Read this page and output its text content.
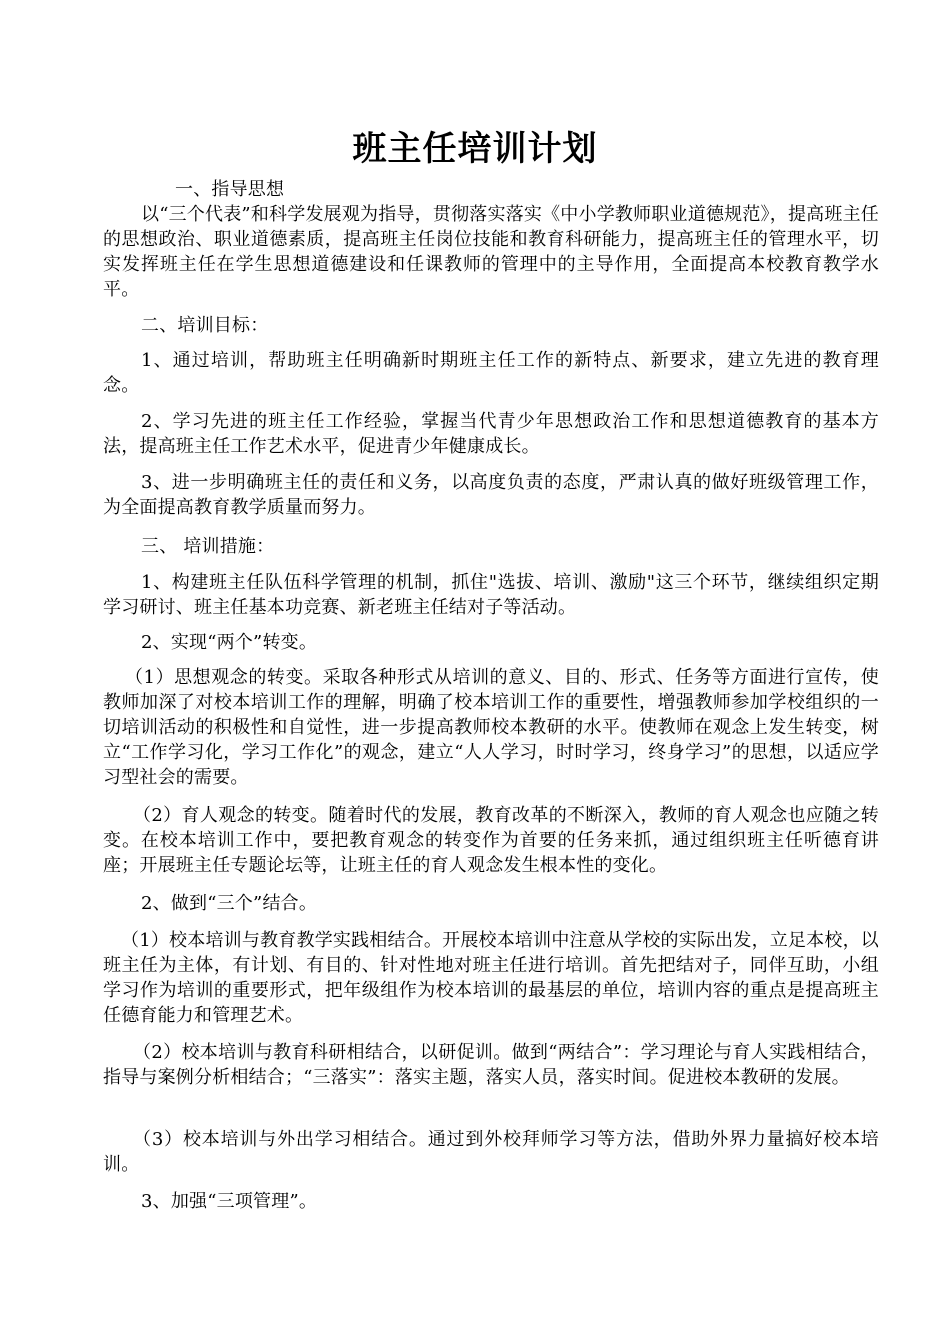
班主任培训计划

一、指导思想

以“三个代表”和科学发展观为指导，贯彻落实落实《中小学教师职业道德规范》，提高班主任的思想政治、职业道德素质，提高班主任岗位技能和教育科研能力，提高班主任的管理水平，切实发挥班主任在学生思想道德建设和任课教师的管理中的主导作用，全面提高本校教育教学水平。

二、培训目标：

1、通过培训，帮助班主任明确新时期班主任工作的新特点、新要求，建立先进的教育理念。

2、学习先进的班主任工作经验，掌握当代青少年思想政治工作和思想道德教育的基本方法，提高班主任工作艺术水平，促进青少年健康成长。

3、进一步明确班主任的责任和义务，以高度负责的态度，严肃认真的做好班级管理工作，为全面提高教育教学质量而努力。

三、 培训措施：

1、构建班主任队伍科学管理的机制，抓住"选拔、培训、激励"这三个环节，继续组织定期学习研讨、班主任基本功竞赛、新老班主任结对子等活动。

2、实现“两个”转变。

（1）思想观念的转变。采取各种形式从培训的意义、目的、形式、任务等方面进行宣传，使教师加深了对校本培训工作的理解，明确了校本培训工作的重要性，增强教师参加学校组织的一切培训活动的积极性和自觉性，进一步提高教师校本教研的水平。使教师在观念上发生转变，树立“工作学习化，学习工作化”的观念，建立“人人学习，时时学习，终身学习”的思想，以适应学习型社会的需要。

（2）育人观念的转变。随着时代的发展，教育改革的不断深入，教师的育人观念也应随之转变。在校本培训工作中，要把教育观念的转变作为首要的任务来抓，通过组织班主任听德育讲座；开展班主任专题论坛等，让班主任的育人观念发生根本性的变化。

2、做到“三个”结合。

（1）校本培训与教育教学实践相结合。开展校本培训中注意从学校的实际出发，立足本校，以班主任为主体，有计划、有目的、针对性地对班主任进行培训。首先把结对子，同伴互助，小组学习作为培训的重要形式，把年级组作为校本培训的最基层的单位，培训内容的重点是提高班主任德育能力和管理艺术。

（2）校本培训与教育科研相结合，以研促训。做到“两结合”：学习理论与育人实践相结合，指导与案例分析相结合；“三落实”：落实主题，落实人员，落实时间。促进校本教研的发展。

（3）校本培训与外出学习相结合。通过到外校拜师学习等方法，借助外界力量搞好校本培训。

3、加强“三项管理”。
